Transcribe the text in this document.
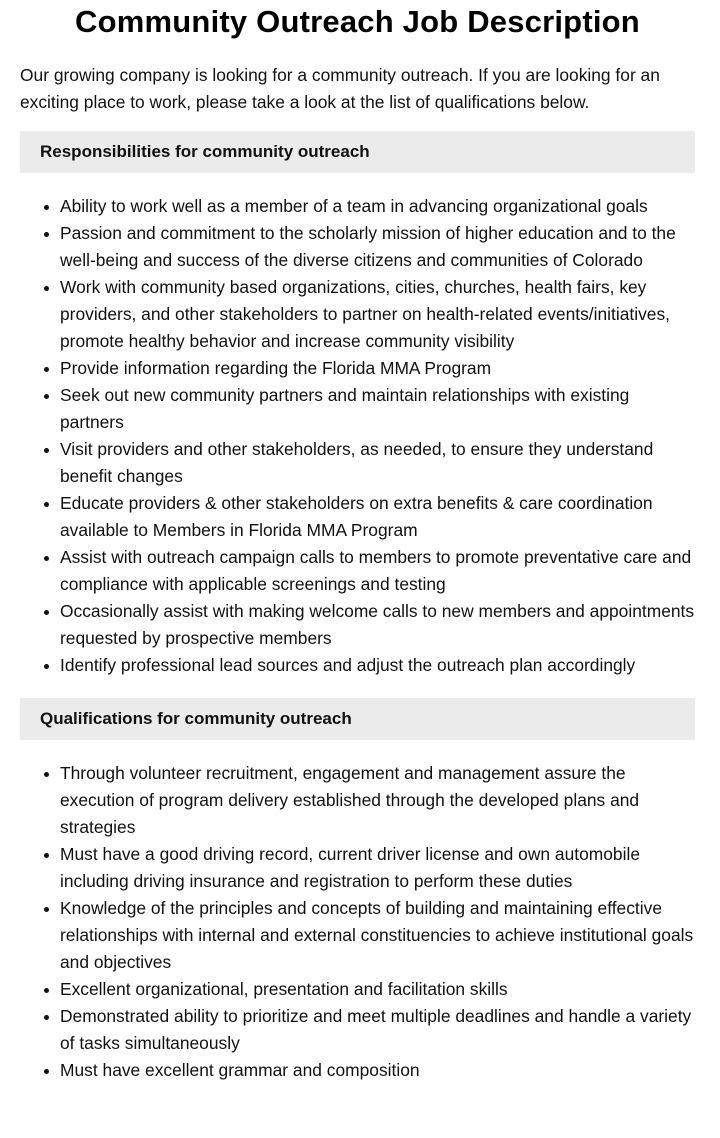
Community Outreach Job Description

Our growing company is looking for a community outreach. If you are looking for an exciting place to work, please take a look at the list of qualifications below.

Responsibilities for community outreach
Ability to work well as a member of a team in advancing organizational goals
Passion and commitment to the scholarly mission of higher education and to the well-being and success of the diverse citizens and communities of Colorado
Work with community based organizations, cities, churches, health fairs, key providers, and other stakeholders to partner on health-related events/initiatives, promote healthy behavior and increase community visibility
Provide information regarding the Florida MMA Program
Seek out new community partners and maintain relationships with existing partners
Visit providers and other stakeholders, as needed, to ensure they understand benefit changes
Educate providers & other stakeholders on extra benefits & care coordination available to Members in Florida MMA Program
Assist with outreach campaign calls to members to promote preventative care and compliance with applicable screenings and testing
Occasionally assist with making welcome calls to new members and appointments requested by prospective members
Identify professional lead sources and adjust the outreach plan accordingly
Qualifications for community outreach
Through volunteer recruitment, engagement and management assure the execution of program delivery established through the developed plans and strategies
Must have a good driving record, current driver license and own automobile including driving insurance and registration to perform these duties
Knowledge of the principles and concepts of building and maintaining effective relationships with internal and external constituencies to achieve institutional goals and objectives
Excellent organizational, presentation and facilitation skills
Demonstrated ability to prioritize and meet multiple deadlines and handle a variety of tasks simultaneously
Must have excellent grammar and composition
